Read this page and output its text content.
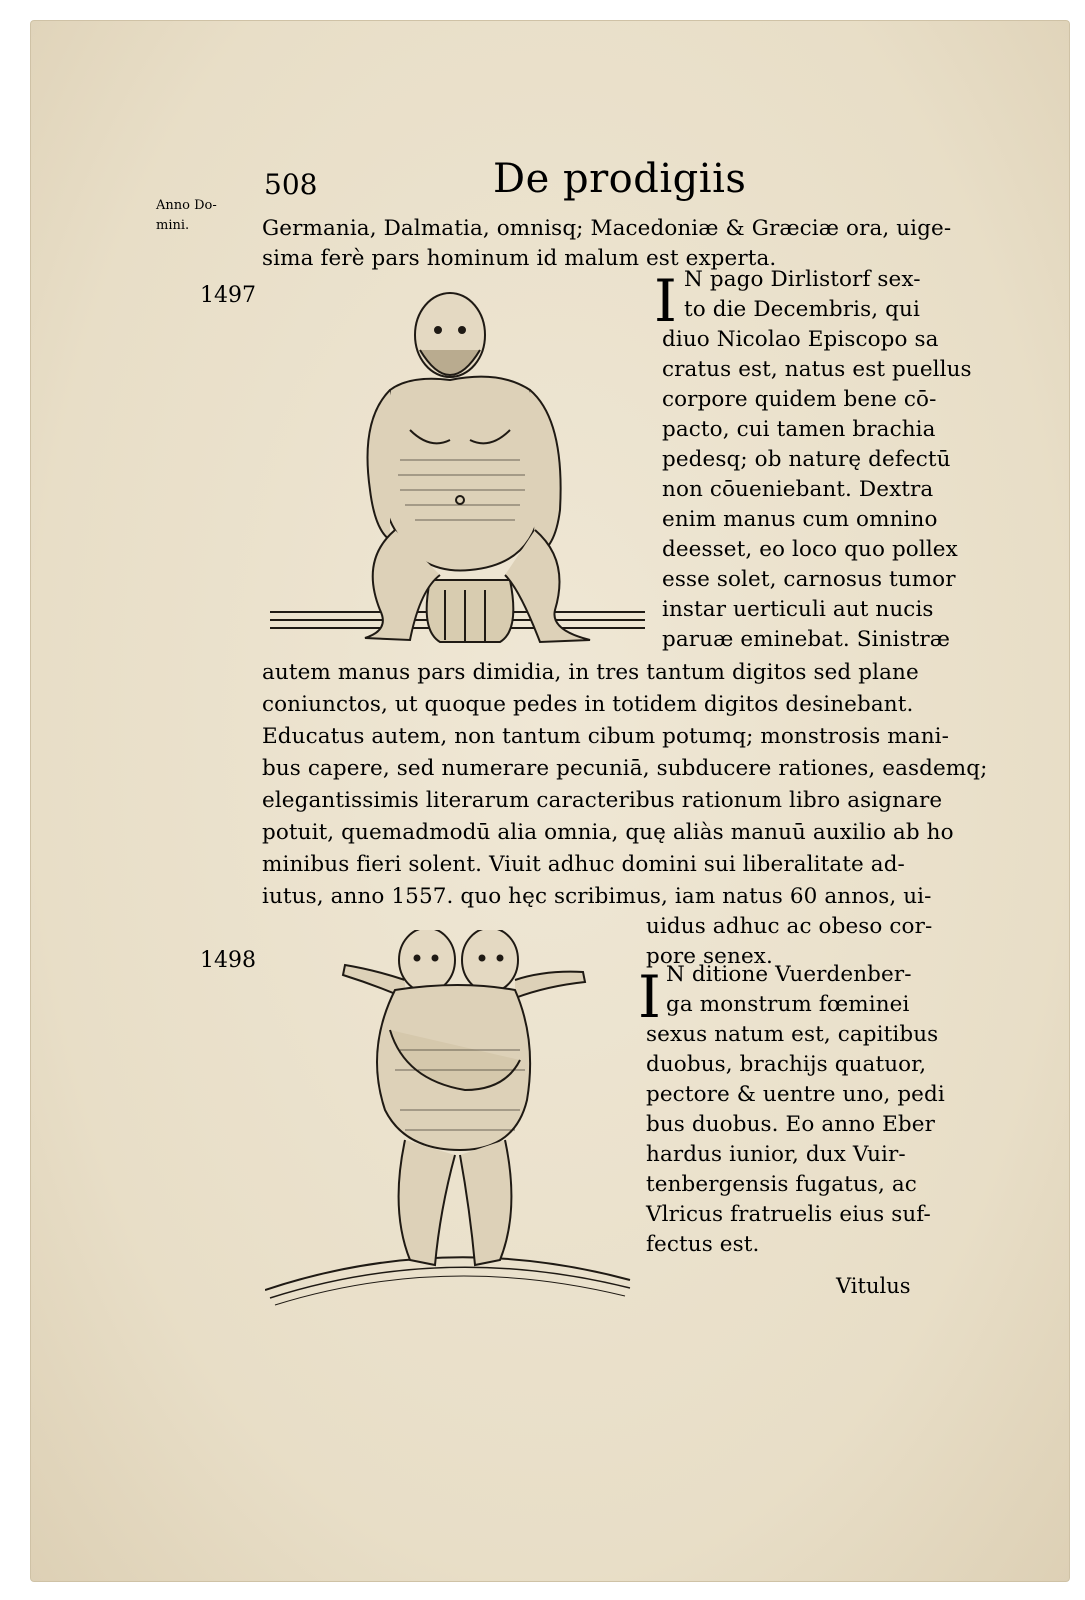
508	De prodigiis
Anno Do-
mini.	Germania, Dalmatia, omnisq; Macedoniæ & Græciæ ora, uige-
sima ferè pars hominum id malum est experta.
1497	I N pago Dirlistorf sex-
to die Decembris, qui
diuo Nicolao Episcopo sa
cratus est, natus est puellus
corpore quidem bene cō-
pacto, cui tamen brachia
pedesq; ob naturę defectū
non cōueniebant. Dextra
enim manus cum omnino
deesset, eo loco quo pollex
esse solet, carnosus tumor
instar uerticuli aut nucis
paruæ eminebat. Sinistræ
autem manus pars dimidia, in tres tantum digitos sed plane
coniunctos, ut quoque pedes in totidem digitos desinebant.
Educatus autem, non tantum cibum potumq; monstrosis mani-
bus capere, sed numerare pecuniā, subducere rationes, easdemq;
elegantissimis literarum caracteribus rationum libro asignare
potuit, quemadmodū alia omnia, quę aliàs manuū auxilio ab ho
minibus fieri solent. Viuit adhuc domini sui liberalitate ad-
iutus, anno 1557. quo hęc scribimus, iam natus 60 annos, ui-
uidus adhuc ac obeso cor-
pore senex.
1498
I N ditione Vuerdenber-
ga monstrum fœminei
sexus natum est, capitibus
duobus, brachijs quatuor,
pectore & uentre uno, pedi
bus duobus. Eo anno Eber
hardus iunior, dux Vuir-
tenbergensis fugatus, ac
Vlricus fratruelis eius suf-
fectus est.
Vitulus
